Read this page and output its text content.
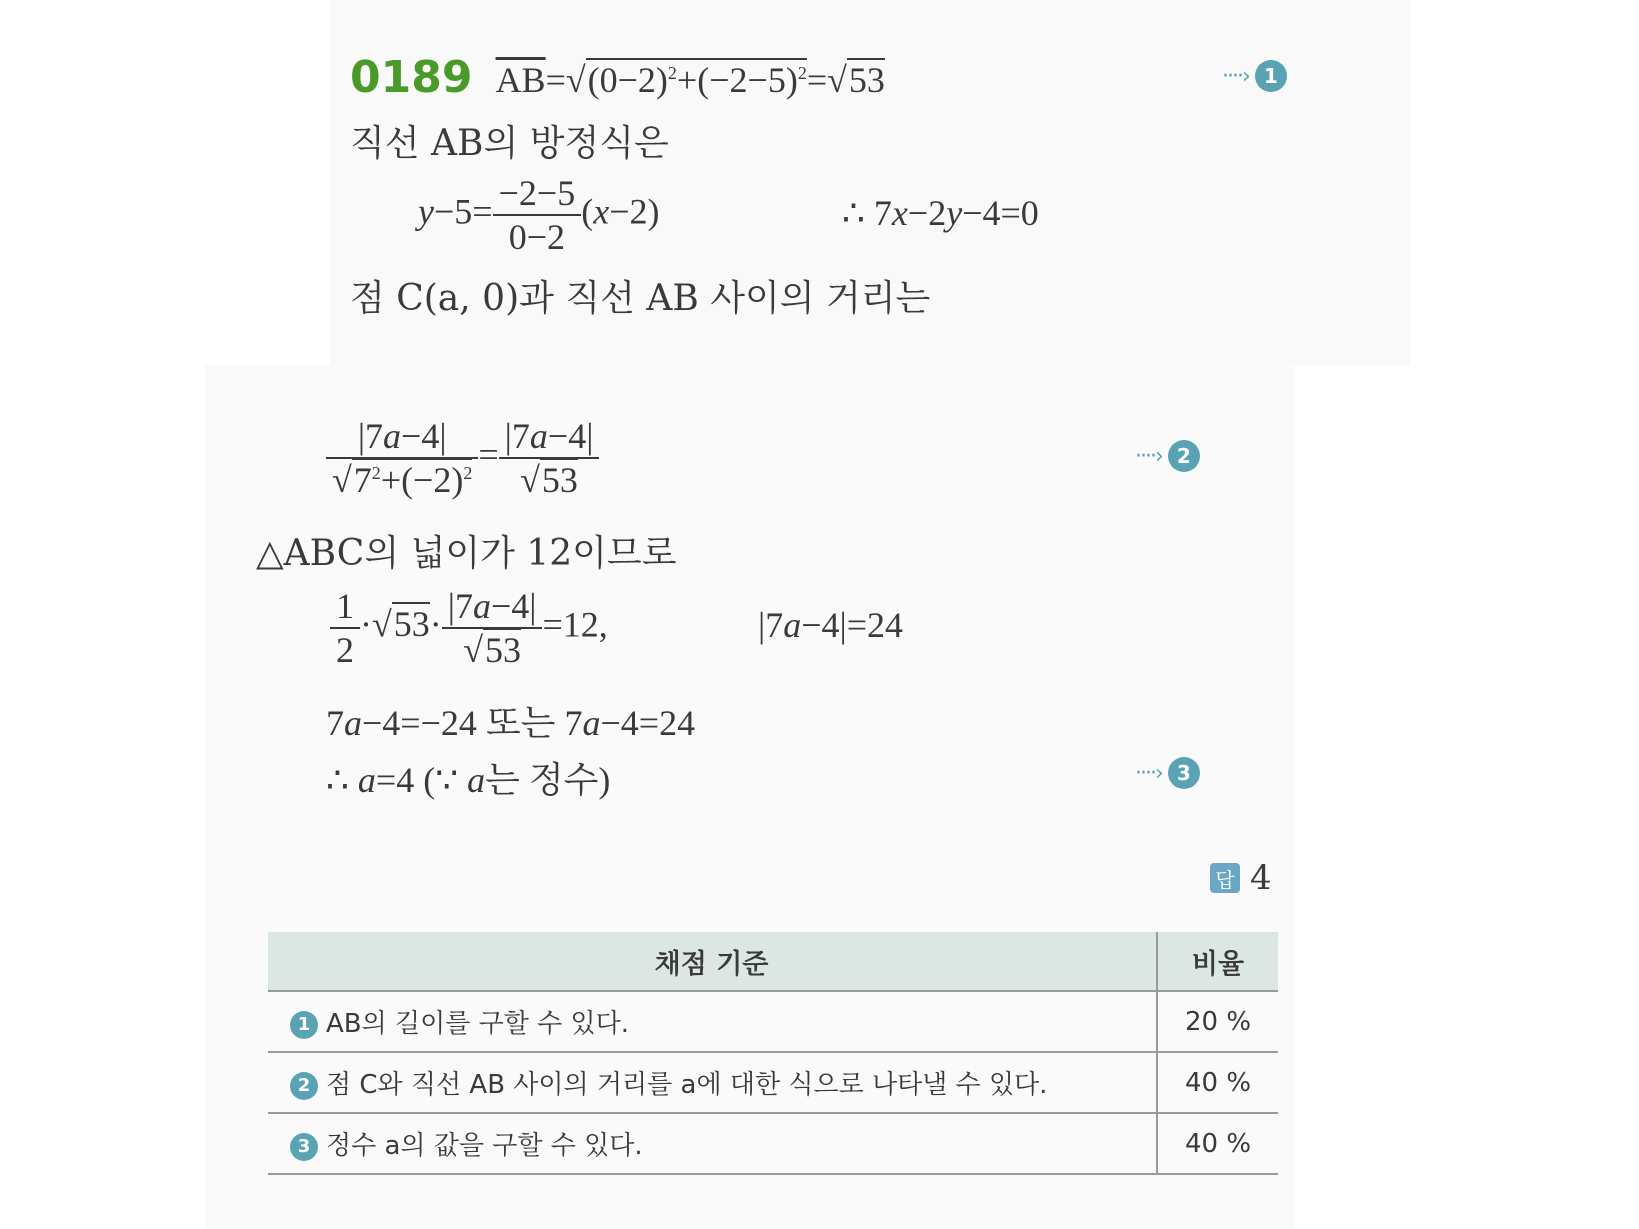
0189 $\overline{AB}=√(0-2)^2+(-2-5)^2=√53$	····› 1
직선 AB의 방정식은
$y-5= \frac{-2-5}{0-2} (x-2)$	∴ 7x−2y−4=0
점 C(a, 0)과 직선 AB 사이의 거리는
$\frac{|7a-4|}{√7^2+(-2)^2} = \frac{|7a-4|}{√53}$	····› 2
△ABC의 넓이가 12이므로
$\frac{1}{2} \cdot√53\cdot \frac{|7a-4|}{√53} =12$,	|7a−4|=24
7a−4=−24 또는 7a−4=24
∴ a=4 (∵ a는 정수)	····› 3
답 4
채점 기준	비율
1 AB의 길이를 구할 수 있다.	20 %
2 점 C와 직선 AB 사이의 거리를 a에 대한 식으로 나타낼 수 있다.	40 %
3 정수 a의 값을 구할 수 있다.	40 %
